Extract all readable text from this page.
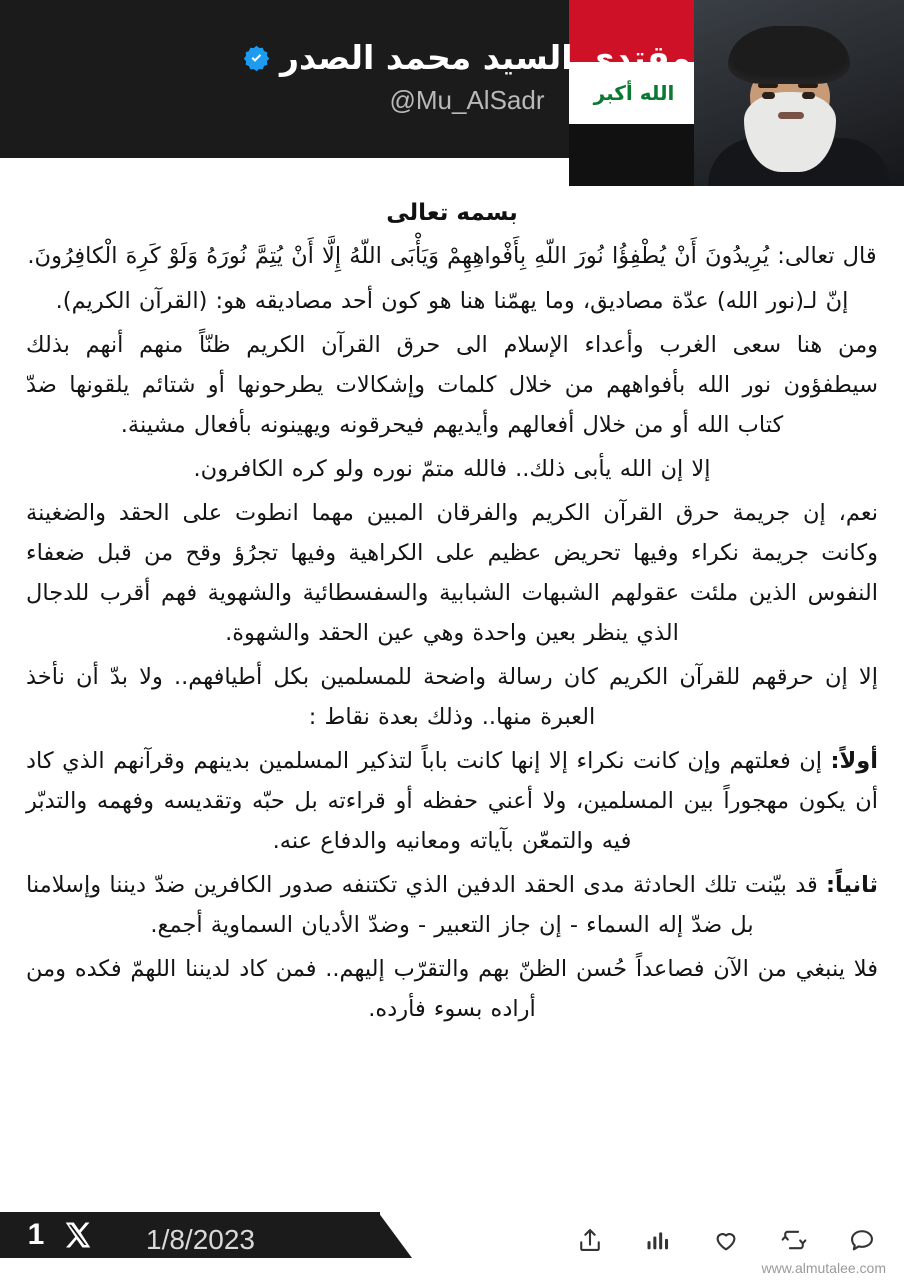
مقتدى السيد محمد الصدر
@Mu_AlSadr	الله أكبر
بسمه تعالى

قال تعالى: يُرِيدُونَ أَنْ يُطْفِؤُا نُورَ اللّهِ بِأَفْواهِهِمْ وَيَأْبَى اللّهُ إِلَّا أَنْ يُتِمَّ نُورَهُ وَلَوْ كَرِهَ الْكافِرُونَ.

إنّ لـ(نور الله) عدّة مصاديق، وما يهمّنا هنا هو كون أحد مصاديقه هو: (القرآن الكريم).

ومن هنا سعى الغرب وأعداء الإسلام الى حرق القرآن الكريم ظنّاً منهم أنهم بذلك سيطفؤون نور الله بأفواههم من خلال كلمات وإشكالات يطرحونها أو شتائم يلقونها ضدّ كتاب الله أو من خلال أفعالهم وأيديهم فيحرقونه ويهينونه بأفعال مشينة.

إلا إن الله يأبى ذلك.. فالله متمّ نوره ولو كره الكافرون.

نعم، إن جريمة حرق القرآن الكريم والفرقان المبين مهما انطوت على الحقد والضغينة وكانت جريمة نكراء وفيها تحريض عظيم على الكراهية وفيها تجرُؤ وقح من قبل ضعفاء النفوس الذين ملئت عقولهم الشبهات الشبابية والسفسطائية والشهوية فهم أقرب للدجال الذي ينظر بعين واحدة وهي عين الحقد والشهوة.

إلا إن حرقهم للقرآن الكريم كان رسالة واضحة للمسلمين بكل أطيافهم.. ولا بدّ أن نأخذ العبرة منها.. وذلك بعدة نقاط :

أولاً: إن فعلتهم وإن كانت نكراء إلا إنها كانت باباً لتذكير المسلمين بدينهم وقرآنهم الذي كاد أن يكون مهجوراً بين المسلمين، ولا أعني حفظه أو قراءته بل حبّه وتقديسه وفهمه والتدبّر فيه والتمعّن بآياته ومعانيه والدفاع عنه.

ثانياً: قد بيّنت تلك الحادثة مدى الحقد الدفين الذي تكتنفه صدور الكافرين ضدّ ديننا وإسلامنا بل ضدّ إله السماء - إن جاز التعبير - وضدّ الأديان السماوية أجمع.

فلا ينبغي من الآن فصاعداً حُسن الظنّ بهم والتقرّب إليهم.. فمن كاد لديننا اللهمّ فكده ومن أراده بسوء فأرده.

1	1/8/2023
www.almutalee.com
